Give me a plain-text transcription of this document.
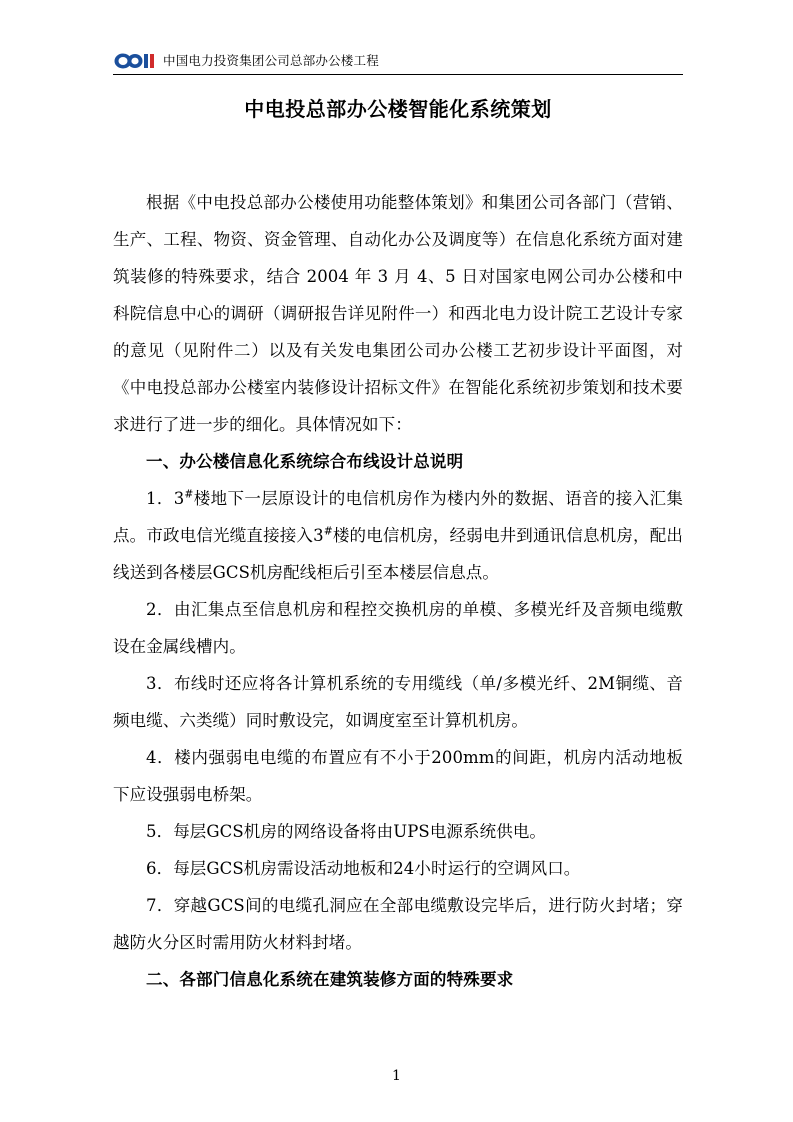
中国电力投资集团公司总部办公楼工程
中电投总部办公楼智能化系统策划

根据《中电投总部办公楼使用功能整体策划》和集团公司各部门（营销、生产、工程、物资、资金管理、自动化办公及调度等）在信息化系统方面对建筑装修的特殊要求，结合 2004 年 3 月 4、5 日对国家电网公司办公楼和中科院信息中心的调研（调研报告详见附件一）和西北电力设计院工艺设计专家的意见（见附件二）以及有关发电集团公司办公楼工艺初步设计平面图，对《中电投总部办公楼室内装修设计招标文件》在智能化系统初步策划和技术要求进行了进一步的细化。具体情况如下：

一、办公楼信息化系统综合布线设计总说明

1．3#楼地下一层原设计的电信机房作为楼内外的数据、语音的接入汇集点。市政电信光缆直接接入3#楼的电信机房，经弱电井到通讯信息机房，配出线送到各楼层GCS机房配线柜后引至本楼层信息点。

2．由汇集点至信息机房和程控交换机房的单模、多模光纤及音频电缆敷设在金属线槽内。

3．布线时还应将各计算机系统的专用缆线（单/多模光纤、2M铜缆、音频电缆、六类缆）同时敷设完，如调度室至计算机机房。

4．楼内强弱电电缆的布置应有不小于200mm的间距，机房内活动地板下应设强弱电桥架。

5．每层GCS机房的网络设备将由UPS电源系统供电。

6．每层GCS机房需设活动地板和24小时运行的空调风口。

7．穿越GCS间的电缆孔洞应在全部电缆敷设完毕后，进行防火封堵；穿越防火分区时需用防火材料封堵。

二、各部门信息化系统在建筑装修方面的特殊要求
1
